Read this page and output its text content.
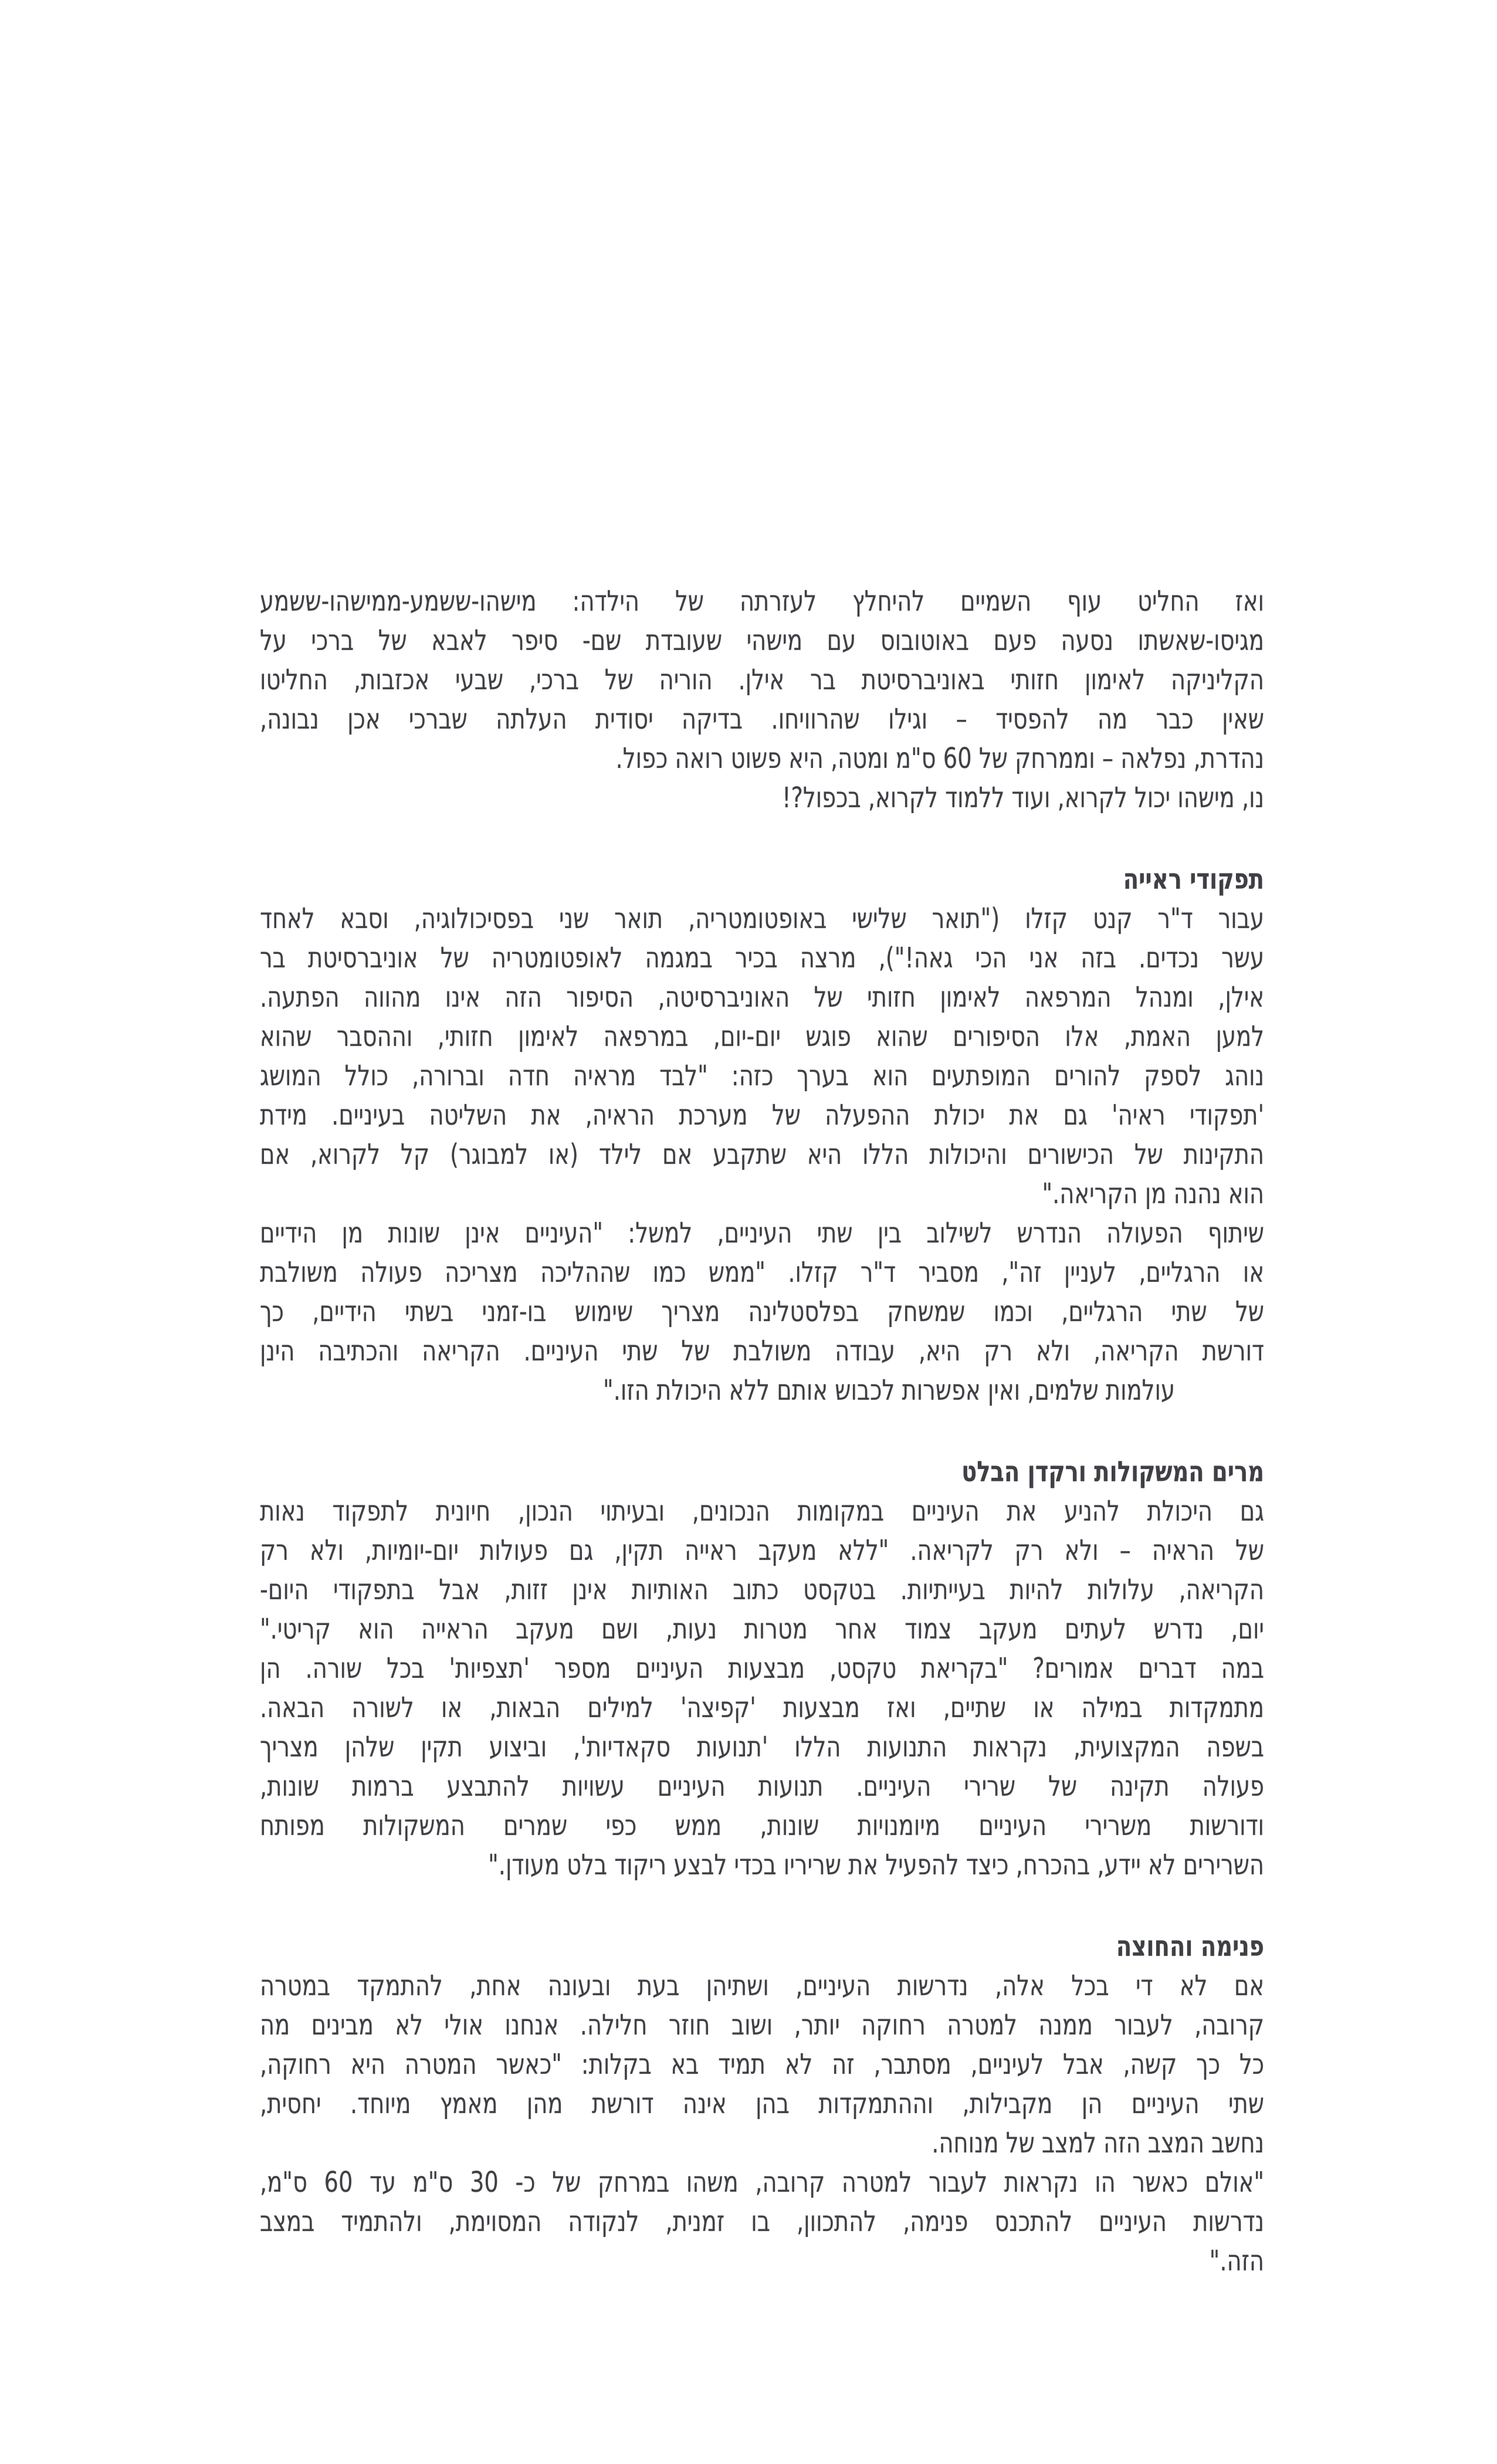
ואז החליט עוף השמיים להיחלץ לעזרתה של הילדה: מישהו-ששמע-ממישהו-ששמע
מגיסו-שאשתו נסעה פעם באוטובוס עם מישהי שעובדת שם- סיפר לאבא של ברכי על
הקליניקה לאימון חזותי באוניברסיטת בר אילן. הוריה של ברכי, שבעי אכזבות, החליטו
שאין כבר מה להפסיד – וגילו שהרוויחו. בדיקה יסודית העלתה שברכי אכן נבונה,
נהדרת, נפלאה – וממרחק של 60 ס"מ ומטה, היא פשוט רואה כפול.
נו, מישהו יכול לקרוא, ועוד ללמוד לקרוא, בכפול?!
תפקודי ראייה
עבור ד"ר קנט קזלו ("תואר שלישי באופטומטריה, תואר שני בפסיכולוגיה, וסבא לאחד
עשר נכדים. בזה אני הכי גאה!"), מרצה בכיר במגמה לאופטומטריה של אוניברסיטת בר
אילן, ומנהל המרפאה לאימון חזותי של האוניברסיטה, הסיפור הזה אינו מהווה הפתעה.
למען האמת, אלו הסיפורים שהוא פוגש יום-יום, במרפאה לאימון חזותי, וההסבר שהוא
נוהג לספק להורים המופתעים הוא בערך כזה: "לבד מראיה חדה וברורה, כולל המושג
'תפקודי ראיה' גם את יכולת ההפעלה של מערכת הראיה, את השליטה בעיניים. מידת
התקינות של הכישורים והיכולות הללו היא שתקבע אם לילד (או למבוגר) קל לקרוא, אם
הוא נהנה מן הקריאה."
שיתוף הפעולה הנדרש לשילוב בין שתי העיניים, למשל: "העיניים אינן שונות מן הידיים
או הרגליים, לעניין זה", מסביר ד"ר קזלו. "ממש כמו שההליכה מצריכה פעולה משולבת
של שתי הרגליים, וכמו שמשחק בפלסטלינה מצריך שימוש בו-זמני בשתי הידיים, כך
דורשת הקריאה, ולא רק היא, עבודה משולבת של שתי העיניים. הקריאה והכתיבה הינן
עולמות שלמים, ואין אפשרות לכבוש אותם ללא היכולת הזו."
מרים המשקולות ורקדן הבלט
גם היכולת להניע את העיניים במקומות הנכונים, ובעיתוי הנכון, חיונית לתפקוד נאות
של הראיה – ולא רק לקריאה. "ללא מעקב ראייה תקין, גם פעולות יום-יומיות, ולא רק
הקריאה, עלולות להיות בעייתיות. בטקסט כתוב האותיות אינן זזות, אבל בתפקודי היום-
יום, נדרש לעתים מעקב צמוד אחר מטרות נעות, ושם מעקב הראייה הוא קריטי."
במה דברים אמורים? "בקריאת טקסט, מבצעות העיניים מספר 'תצפיות' בכל שורה. הן
מתמקדות במילה או שתיים, ואז מבצעות 'קפיצה' למילים הבאות, או לשורה הבאה.
בשפה המקצועית, נקראות התנועות הללו 'תנועות סקאדיות', וביצוע תקין שלהן מצריך
פעולה תקינה של שרירי העיניים. תנועות העיניים עשויות להתבצע ברמות שונות,
ודורשות משרירי העיניים מיומנויות שונות, ממש כפי שמרים המשקולות מפותח
השרירים לא יידע, בהכרח, כיצד להפעיל את שריריו בכדי לבצע ריקוד בלט מעודן."
פנימה והחוצה
אם לא די בכל אלה, נדרשות העיניים, ושתיהן בעת ובעונה אחת, להתמקד במטרה
קרובה, לעבור ממנה למטרה רחוקה יותר, ושוב חוזר חלילה. אנחנו אולי לא מבינים מה
כל כך קשה, אבל לעיניים, מסתבר, זה לא תמיד בא בקלות: "כאשר המטרה היא רחוקה,
שתי העיניים הן מקבילות, וההתמקדות בהן אינה דורשת מהן מאמץ מיוחד. יחסית,
נחשב המצב הזה למצב של מנוחה.
"אולם כאשר הו נקראות לעבור למטרה קרובה, משהו במרחק של כ- 30 ס"מ עד 60 ס"מ,
נדרשות העיניים להתכנס פנימה, להתכוון, בו זמנית, לנקודה המסוימת, ולהתמיד במצב
הזה."
